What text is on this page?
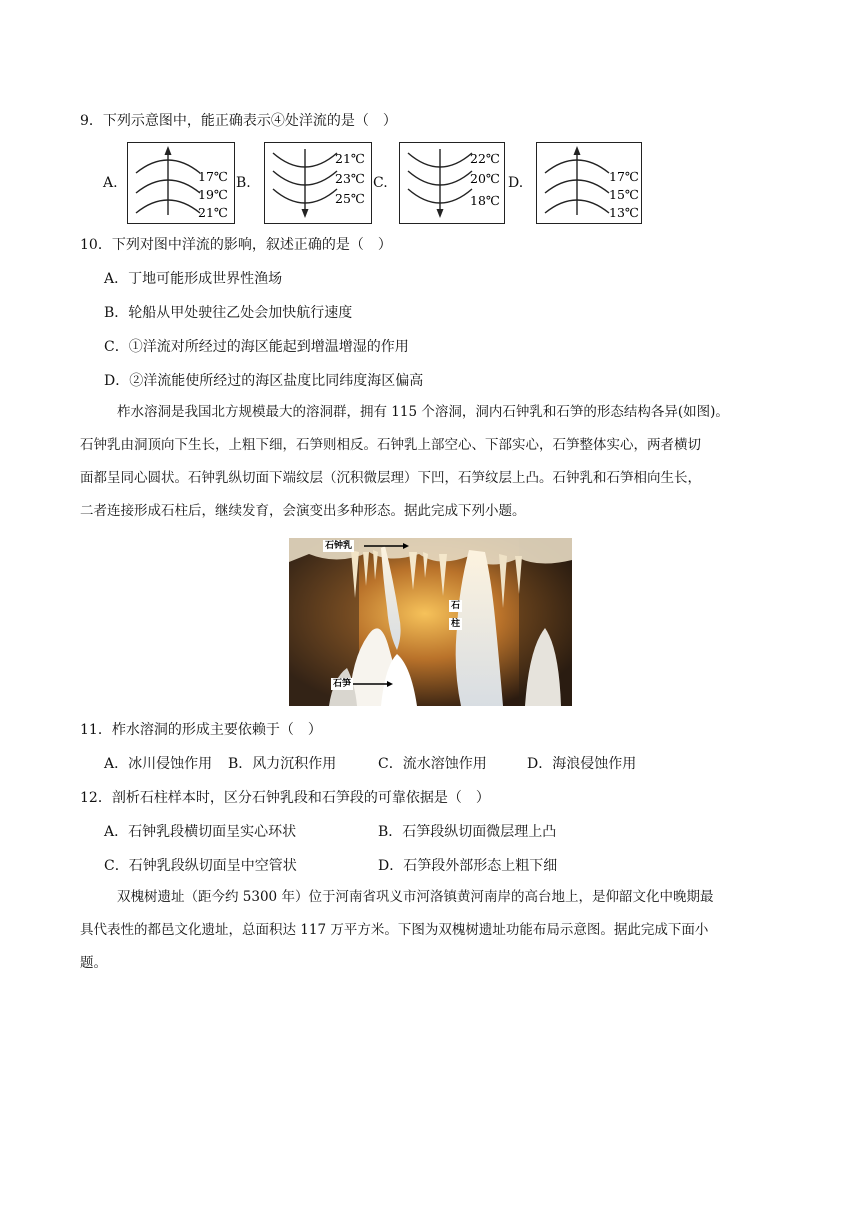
9．下列示意图中，能正确表示④处洋流的是（　）
A.	17℃
19℃
21℃
B.
21℃
23℃
25℃
C.
22℃
20℃
18℃
D.	17℃
15℃
13℃
10．下列对图中洋流的影响，叙述正确的是（　）
A．丁地可能形成世界性渔场
B．轮船从甲处驶往乙处会加快航行速度
C．①洋流对所经过的海区能起到增温增湿的作用
D．②洋流能使所经过的海区盐度比同纬度海区偏高
柞水溶洞是我国北方规模最大的溶洞群，拥有 115 个溶洞，洞内石钟乳和石笋的形态结构各异(如图)。
石钟乳由洞顶向下生长，上粗下细，石笋则相反。石钟乳上部空心、下部实心，石笋整体实心，两者横切
面都呈同心圆状。石钟乳纵切面下端纹层（沉积微层理）下凹，石笋纹层上凸。石钟乳和石笋相向生长，
二者连接形成石柱后，继续发育，会演变出多种形态。据此完成下列小题。
石钟乳
石
柱
石笋
11．柞水溶洞的形成主要依赖于（　）
A．冰川侵蚀作用 B．风力沉积作用	C．流水溶蚀作用	D．海浪侵蚀作用
12．剖析石柱样本时，区分石钟乳段和石笋段的可靠依据是（　）
A．石钟乳段横切面呈实心环状	B．石笋段纵切面微层理上凸
C．石钟乳段纵切面呈中空管状	D．石笋段外部形态上粗下细
双槐树遗址（距今约 5300 年）位于河南省巩义市河洛镇黄河南岸的高台地上，是仰韶文化中晚期最
具代表性的都邑文化遗址，总面积达 117 万平方米。下图为双槐树遗址功能布局示意图。据此完成下面小
题。
